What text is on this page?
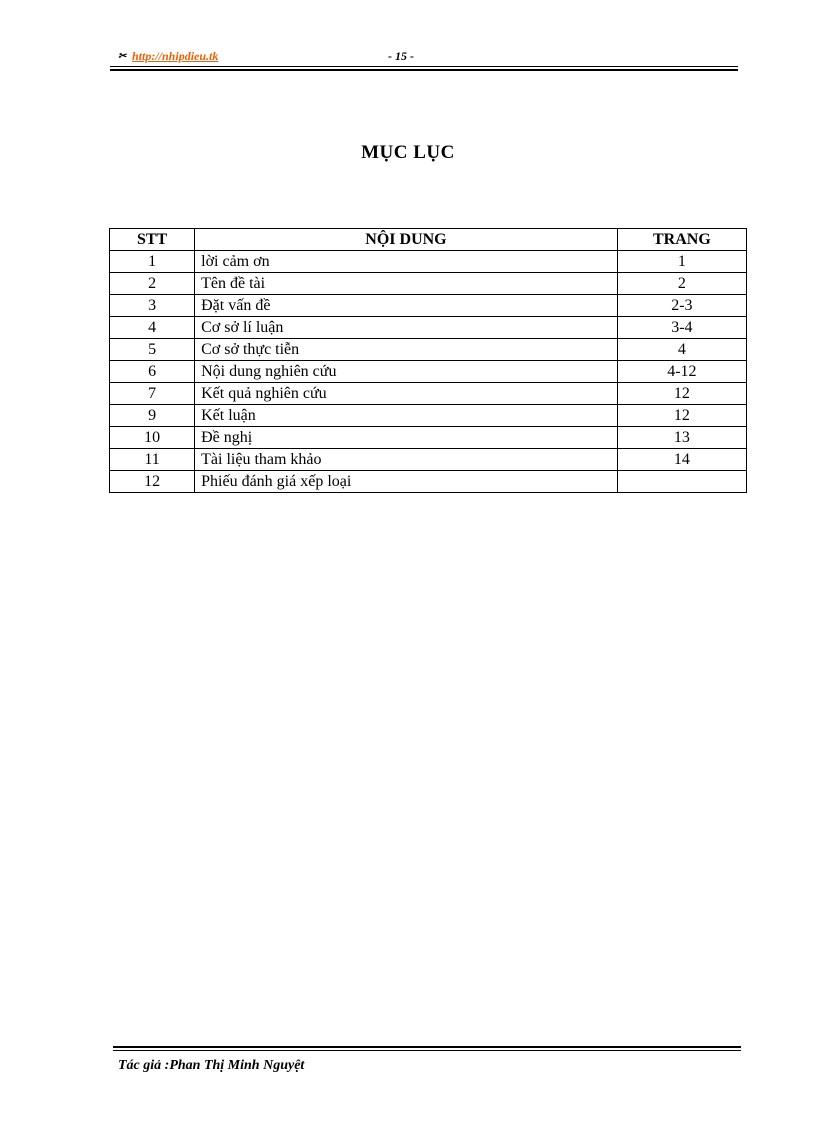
✂ http://nhipdieu.tk	- 15 -
MỤC LỤC
STT	NỘI DUNG	TRANG
1	lời cảm ơn	1
2	Tên đề tài	2
3	Đặt vấn đề	2-3
4	Cơ sở lí luận	3-4
5	Cơ sở thực tiễn	4
6	Nội dung nghiên cứu	4-12
7	Kết quả nghiên cứu	12
9	Kết luận	12
10	Đề nghị	13
11	Tài liệu tham khảo	14
12	Phiếu đánh giá xếp loại	
Tác giả :Phan Thị Minh Nguyệt
